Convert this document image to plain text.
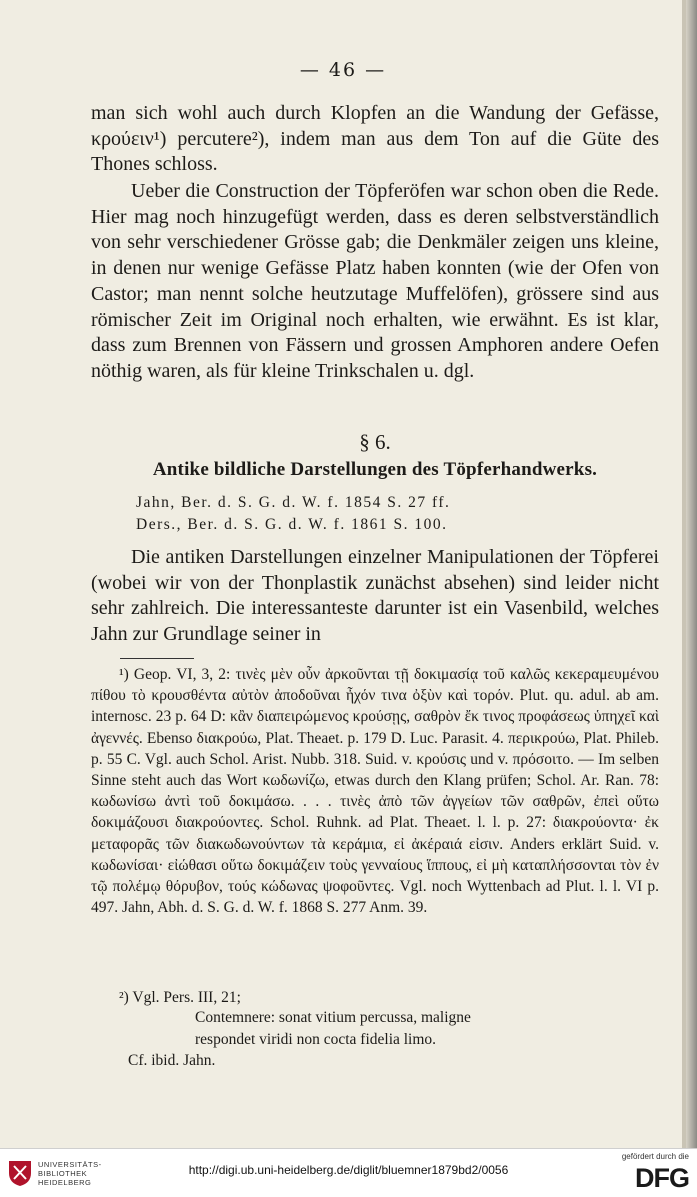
— 46 —
man sich wohl auch durch Klopfen an die Wandung der Gefässe, κρούειν¹) percutere²), indem man aus dem Ton auf die Güte des Thones schloss.
Ueber die Construction der Töpferöfen war schon oben die Rede. Hier mag noch hinzugefügt werden, dass es deren selbstverständlich von sehr verschiedener Grösse gab; die Denkmäler zeigen uns kleine, in denen nur wenige Gefässe Platz haben konnten (wie der Ofen von Castor; man nennt solche heutzutage Muffelöfen), grössere sind aus römischer Zeit im Original noch erhalten, wie erwähnt. Es ist klar, dass zum Brennen von Fässern und grossen Amphoren andere Oefen nöthig waren, als für kleine Trinkschalen u. dgl.
§ 6.
Antike bildliche Darstellungen des Töpferhandwerks.
Jahn, Ber. d. S. G. d. W. f. 1854 S. 27 ff.
Ders., Ber. d. S. G. d. W. f. 1861 S. 100.
Die antiken Darstellungen einzelner Manipulationen der Töpferei (wobei wir von der Thonplastik zunächst absehen) sind leider nicht sehr zahlreich. Die interessanteste darunter ist ein Vasenbild, welches Jahn zur Grundlage seiner in
¹) Geop. VI, 3, 2: τινὲς μὲν οὖν ἀρκοῦνται τῇ δοκιμασίᾳ τοῦ καλῶς κεκεραμευμένου πίθου τὸ κρουσθέντα αὐτὸν ἀποδοῦναι ἦχόν τινα ὀξὺν καὶ τορόν. Plut. qu. adul. ab am. internosc. 23 p. 64 D: κἂν διαπειρώμενος κρούσῃς, σαθρὸν ἔκ τινος προφάσεως ὑπηχεῖ καὶ ἀγεννές. Ebenso διακρούω, Plat. Theaet. p. 179 D. Luc. Parasit. 4. περικρούω, Plat. Phileb. p. 55 C. Vgl. auch Schol. Arist. Nubb. 318. Suid. v. κρούσις und v. πρόσοιτο. — Im selben Sinne steht auch das Wort κωδωνίζω, etwas durch den Klang prüfen; Schol. Ar. Ran. 78: κωδωνίσω ἀντὶ τοῦ δοκιμάσω. . . . τινὲς ἀπὸ τῶν ἀγγείων τῶν σαθρῶν, ἐπεὶ οὕτω δοκιμάζουσι διακρούοντες. Schol. Ruhnk. ad Plat. Theaet. l. l. p. 27: διακρούοντα· ἐκ μεταφορᾶς τῶν διακωδωνούντων τὰ κεράμια, εἰ ἀκέραιά εἰσιν. Anders erklärt Suid. v. κωδωνίσαι· εἰώθασι οὕτω δοκιμάζειν τοὺς γενναίους ἵππους, εἰ μὴ καταπλήσσονται τὸν ἐν τῷ πολέμῳ θόρυβον, τούς κώδωνας ψοφοῦντες. Vgl. noch Wyttenbach ad Plut. l. l. VI p. 497. Jahn, Abh. d. S. G. d. W. f. 1868 S. 277 Anm. 39.
²) Vgl. Pers. III, 21;
Contemnere: sonat vitium percussa, maligne
respondet viridi non cocta fidelia limo.
Cf. ibid. Jahn.
UNIVERSITÄTS-
BIBLIOTHEK
HEIDELBERG
http://digi.ub.uni-heidelberg.de/diglit/bluemner1879bd2/0056
gefördert durch die
DFG
